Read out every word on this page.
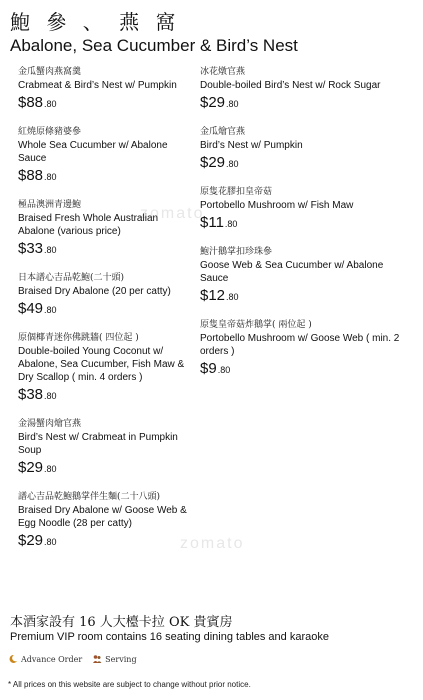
鮑 參 、 燕 窩
Abalone, Sea Cucumber & Bird’s Nest
zomato
zomato
金瓜蟹肉燕窩羹
Crabmeat & Bird’s Nest w/ Pumpkin
$88.80
紅燒原條豬婆參
Whole Sea Cucumber w/ Abalone Sauce
$88.80
極品澳洲青邊鮑
Braised Fresh Whole Australian Abalone (various price)
$33.80
日本譜心吉品乾鮑(二十頭)
Braised Dry Abalone (20 per catty)
$49.80
原個椰青迷你佛跳牆( 四位起 )
Double-boiled Young Coconut w/ Abalone, Sea Cucumber, Fish Maw & Dry Scallop ( min. 4 orders )
$38.80
金湯蟹肉燴官燕
Bird’s Nest w/ Crabmeat in Pumpkin Soup
$29.80
譜心吉品乾鮑鵝掌伴生麵(二十八頭)
Braised Dry Abalone w/ Goose Web & Egg Noodle (28 per catty)
$29.80
冰花燉官燕
Double-boiled Bird’s Nest w/ Rock Sugar
$29.80
金瓜燴官燕
Bird’s Nest w/ Pumpkin
$29.80
原隻花膠扣皇帝菇
Portobello Mushroom w/ Fish Maw
$11.80
鮑汁鵝掌扣珍珠參
Goose Web & Sea Cucumber w/ Abalone Sauce
$12.80
原隻皇帝菇炸鵝掌( 兩位起 )
Portobello Mushroom w/ Goose Web ( min. 2 orders )
$9.80
本酒家設有 16 人大檯卡拉 OK 貴賓房
Premium VIP room contains 16 seating dining tables and karaoke
Advance Order	Serving
* All prices on this website are subject to change without prior notice.
